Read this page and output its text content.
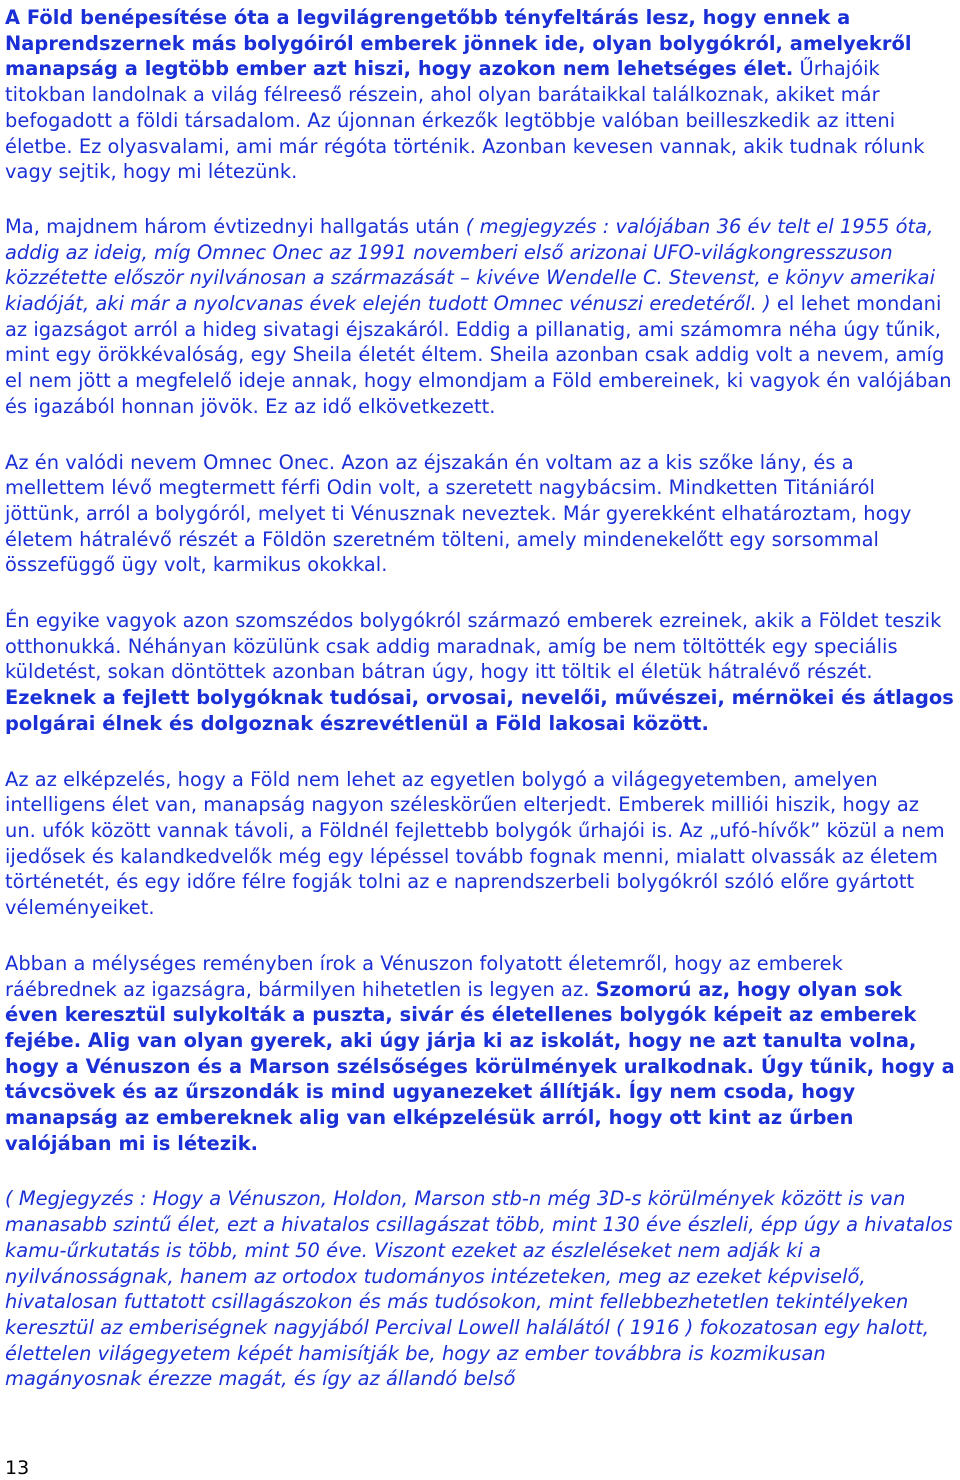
A Föld benépesítése óta a legvilágrengetőbb tényfeltárás lesz, hogy ennek a Naprendszernek más bolygóiról emberek jönnek ide, olyan bolygókról, amelyekről manapság a legtöbb ember azt hiszi, hogy azokon nem lehetséges élet. Űrhajóik titokban landolnak a világ félreeső részein, ahol olyan barátaikkal találkoznak, akiket már befogadott a földi társadalom. Az újonnan érkezők legtöbbje valóban beilleszkedik az itteni életbe. Ez olyasvalami, ami már régóta történik. Azonban kevesen vannak, akik tudnak rólunk vagy sejtik, hogy mi létezünk.

Ma, majdnem három évtizednyi hallgatás után ( megjegyzés : valójában 36 év telt el 1955 óta, addig az ideig, míg Omnec Onec az 1991 novemberi első arizonai UFO-világkongresszuson közzétette először nyilvánosan a származását – kivéve Wendelle C. Stevenst, e könyv amerikai kiadóját, aki már a nyolcvanas évek elején tudott Omnec vénuszi eredetéről. ) el lehet mondani az igazságot arról a hideg sivatagi éjszakáról. Eddig a pillanatig, ami számomra néha úgy tűnik, mint egy örökkévalóság, egy Sheila életét éltem. Sheila azonban csak addig volt a nevem, amíg el nem jött a megfelelő ideje annak, hogy elmondjam a Föld embereinek, ki vagyok én valójában és igazából honnan jövök. Ez az idő elkövetkezett.

Az én valódi nevem Omnec Onec. Azon az éjszakán én voltam az a kis szőke lány, és a mellettem lévő megtermett férfi Odin volt, a szeretett nagybácsim. Mindketten Titániáról jöttünk, arról a bolygóról, melyet ti Vénusznak neveztek. Már gyerekként elhatároztam, hogy életem hátralévő részét a Földön szeretném tölteni, amely mindenekelőtt egy sorsommal összefüggő ügy volt, karmikus okokkal.

Én egyike vagyok azon szomszédos bolygókról származó emberek ezreinek, akik a Földet teszik otthonukká. Néhányan közülünk csak addig maradnak, amíg be nem töltötték egy speciális küldetést, sokan döntöttek azonban bátran úgy, hogy itt töltik el életük hátralévő részét. Ezeknek a fejlett bolygóknak tudósai, orvosai, nevelői, művészei, mérnökei és átlagos polgárai élnek és dolgoznak észrevétlenül a Föld lakosai között.

Az az elképzelés, hogy a Föld nem lehet az egyetlen bolygó a világegyetemben, amelyen intelligens élet van, manapság nagyon széleskörűen elterjedt. Emberek milliói hiszik, hogy az un. ufók között vannak távoli, a Földnél fejlettebb bolygók űrhajói is. Az „ufó-hívők” közül a nem ijedősek és kalandkedvelők még egy lépéssel tovább fognak menni, mialatt olvassák az életem történetét, és egy időre félre fogják tolni az e naprendszerbeli bolygókról szóló előre gyártott véleményeiket.

Abban a mélységes reményben írok a Vénuszon folyatott életemről, hogy az emberek ráébrednek az igazságra, bármilyen hihetetlen is legyen az. Szomorú az, hogy olyan sok éven keresztül sulykolták a puszta, sivár és életellenes bolygók képeit az emberek fejébe. Alig van olyan gyerek, aki úgy járja ki az iskolát, hogy ne azt tanulta volna, hogy a Vénuszon és a Marson szélsőséges körülmények uralkodnak. Úgy tűnik, hogy a távcsövek és az űrszondák is mind ugyanezeket állítják. Így nem csoda, hogy manapság az embereknek alig van elképzelésük arról, hogy ott kint az űrben valójában mi is létezik.

( Megjegyzés : Hogy a Vénuszon, Holdon, Marson stb-n még 3D-s körülmények között is van manasabb szintű élet, ezt a hivatalos csillagászat több, mint 130 éve észleli, épp úgy a hivatalos kamu-űrkutatás is több, mint 50 éve. Viszont ezeket az észleléseket nem adják ki a nyilvánosságnak, hanem az ortodox tudományos intézeteken, meg az ezeket képviselő, hivatalosan futtatott csillagászokon és más tudósokon, mint fellebbezhetetlen tekintélyeken keresztül az emberiségnek nagyjából Percival Lowell halálától ( 1916 ) fokozatosan egy halott, élettelen világegyetem képét hamisítják be, hogy az ember továbbra is kozmikusan magányosnak érezze magát, és így az állandó belső

13
